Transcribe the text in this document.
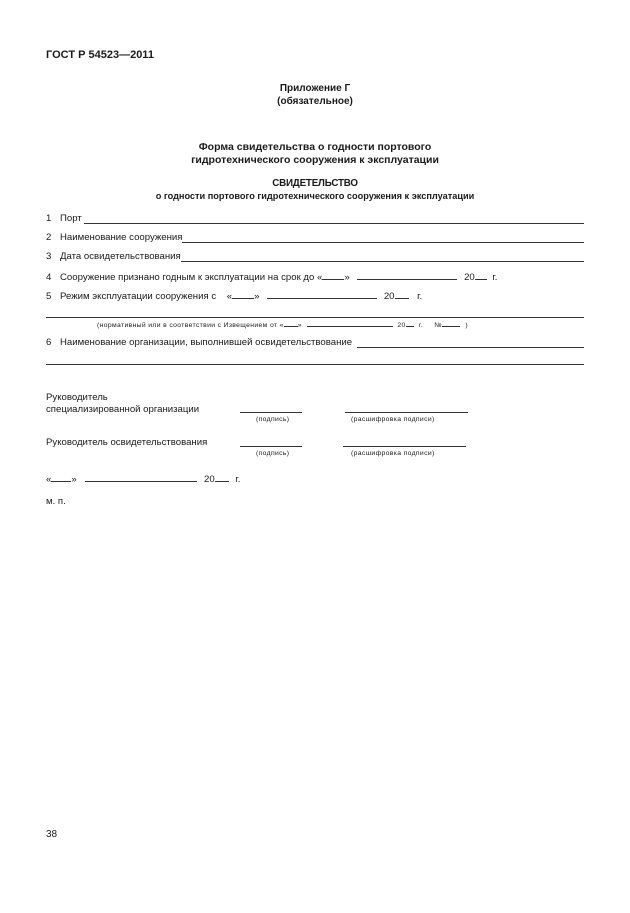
ГОСТ Р 54523—2011
Приложение Г
(обязательное)
Форма свидетельства о годности портового
гидротехнического сооружения к эксплуатации
СВИДЕТЕЛЬСТВО
о годности портового гидротехнического сооружения к эксплуатации
1 Порт
2 Наименование сооружения
3 Дата освидетельствования
4 Сооружение признано годным к эксплуатации на срок до « »	20 г.
5 Режим эксплуатации сооружения с « »	20 г.
(нормативный или в соответствии с Извещением от « »	20 г. №	)
6 Наименование организации, выполнившей освидетельствование
Руководитель
специализированной организации
(подпись)	(расшифровка подписи)
Руководитель освидетельствования
(подпись)	(расшифровка подписи)
« »	20 г.
м. п.
38
